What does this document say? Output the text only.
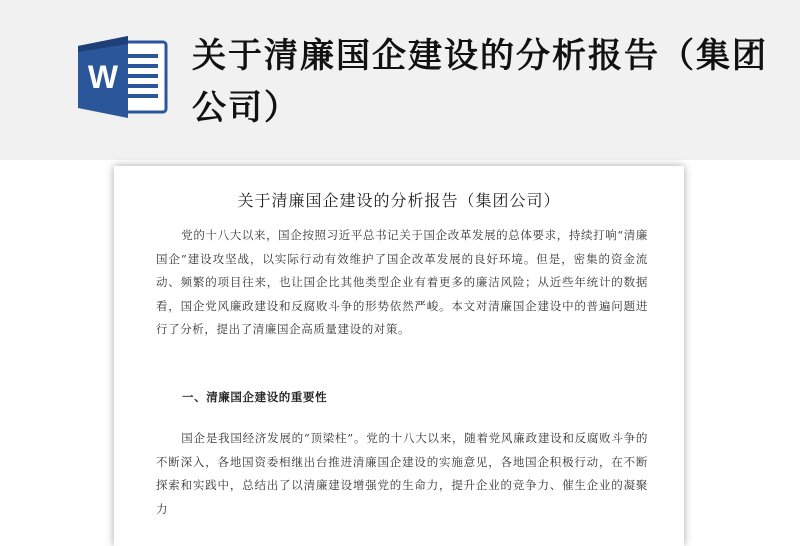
W
关于清廉国企建设的分析报告（集团公司）
关于清廉国企建设的分析报告（集团公司）

党的十八大以来，国企按照习近平总书记关于国企改革发展的总体要求，持续打响“清廉国企”建设攻坚战，以实际行动有效维护了国企改革发展的良好环境。但是，密集的资金流动、频繁的项目往来，也让国企比其他类型企业有着更多的廉洁风险；从近些年统计的数据看，国企党风廉政建设和反腐败斗争的形势依然严峻。本文对清廉国企建设中的普遍问题进行了分析，提出了清廉国企高质量建设的对策。

一、清廉国企建设的重要性

国企是我国经济发展的“顶梁柱”。党的十八大以来，随着党风廉政建设和反腐败斗争的不断深入，各地国资委相继出台推进清廉国企建设的实施意见，各地国企积极行动，在不断探索和实践中，总结出了以清廉建设增强党的生命力，提升企业的竞争力、催生企业的凝聚力
